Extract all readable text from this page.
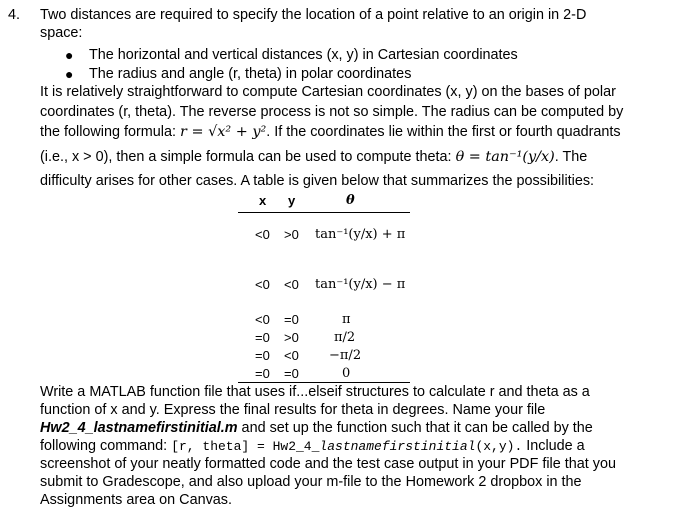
4. Two distances are required to specify the location of a point relative to an origin in 2-D
space:
● The horizontal and vertical distances (x, y) in Cartesian coordinates
● The radius and angle (r, theta) in polar coordinates
It is relatively straightforward to compute Cartesian coordinates (x, y) on the bases of polar
coordinates (r, theta). The reverse process is not so simple. The radius can be computed by
the following formula: r = √x² + y². If the coordinates lie within the first or fourth quadrants
(i.e., x > 0), then a simple formula can be used to compute theta: θ = tan⁻¹(y/x). The
difficulty arises for other cases. A table is given below that summarizes the possibilities:
x y	θ
<0 >0 tan⁻¹(y/x) + π
<0 <0 tan⁻¹(y/x) − π
<0 =0	π
=0 >0	π/2
=0 <0 −π/2
=0 =0	0
Write a MATLAB function file that uses if...elseif structures to calculate r and theta as a
function of x and y. Express the final results for theta in degrees. Name your file
Hw2_4_lastnamefirstinitial.m and set up the function such that it can be called by the
following command: [r, theta] = Hw2_4_lastnamefirstinitial(x,y). Include a
screenshot of your neatly formatted code and the test case output in your PDF file that you
submit to Gradescope, and also upload your m-file to the Homework 2 dropbox in the
Assignments area on Canvas.
